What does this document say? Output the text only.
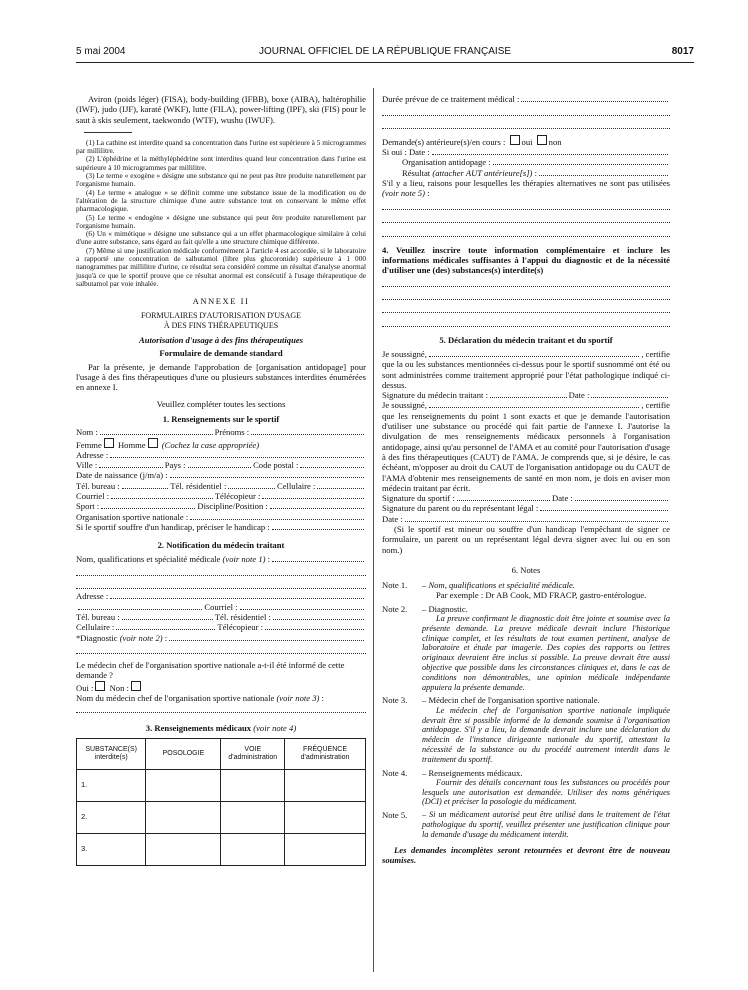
5 mai 2004	JOURNAL OFFICIEL DE LA RÉPUBLIQUE FRANÇAISE	8017

Aviron (poids léger) (FISA), body-building (IFBB), boxe (AIBA), haltérophilie (IWF), judo (IJF), karaté (WKF), lutte (FILA), power-lifting (IPF), ski (FIS) pour le saut à skis seulement, taekwondo (WTF), wushu (IWUF).

(1) La cathine est interdite quand sa concentration dans l'urine est supérieure à 5 microgrammes par millilitre.

(2) L'éphédrine et la méthyléphédrine sont interdites quand leur concentration dans l'urine est supérieure à 10 microgrammes par millilitre.

(3) Le terme « exogène » désigne une substance qui ne peut pas être produite naturellement par l'organisme humain.

(4) Le terme « analogue » se définit comme une substance issue de la modification ou de l'altération de la structure chimique d'une autre substance tout en conservant le même effet pharmacologique.

(5) Le terme « endogène » désigne une substance qui peut être produite naturellement par l'organisme humain.

(6) Un « mimétique » désigne une substance qui a un effet pharmacologique similaire à celui d'une autre substance, sans égard au fait qu'elle a une structure chimique différente.

(7) Même si une justification médicale conformément à l'article 4 est accordée, si le laboratoire a rapporté une concentration de salbutamol (libre plus glucoronide) supérieure à 1 000 nanogrammes par millilitre d'urine, ce résultat sera considéré comme un résultat d'analyse anormal jusqu'à ce que le sportif prouve que ce résultat anormal est consécutif à l'usage thérapeutique de salbutamol par voie inhalée.

ANNEXE II

FORMULAIRES D'AUTORISATION D'USAGE

À DES FINS THÉRAPEUTIQUES

Autorisation d'usage à des fins thérapeutiques

Formulaire de demande standard

Par la présente, je demande l'approbation de [organisation antidopage] pour l'usage à des fins thérapeutiques d'une ou plusieurs substances interdites énumérées en annexe I.

Veuillez compléter toutes les sections

1. Renseignements sur le sportif

Nom :	Prénoms :
Femme
Homme
(Cochez la case appropriée)
Adresse :
Ville :	Pays :	Code postal :
Date de naissance (j/m/a) :
Tél. bureau :	Tél. résidentiel :	Cellulaire :
Courriel :	Télécopieur :
Sport :	Discipline/Position :
Organisation sportive nationale :
Si le sportif souffre d'un handicap, préciser le handicap :

2. Notification du médecin traitant

Nom, qualifications et spécialité médicale
(voir note 1) :
Adresse :
Courriel :
Tél. bureau :	Tél. résidentiel :
Cellulaire :	Télécopieur :
*Diagnostic
(voir note 2) :

Le médecin chef de l'organisation sportive nationale a-t-il été informé de cette demande ?

Oui :
Non :

Nom du médecin chef de l'organisation sportive nationale (voir note 3) :

3. Renseignements médicaux (voir note 4)

SUBSTANCE(S) interdite(s)	POSOLOGIE	VOIE d'administration	FRÉQUENCE d'administration
1.			
2.			
3.			
Durée prévue de ce traitement médical :
Demande(s) antérieure(s)/en cours :
oui
non
Si oui : Date :
Organisation antidopage :
Résultat
(attacher AUT antérieure[s]) :

S'il y a lieu, raisons pour lesquelles les thérapies alternatives ne sont pas utilisées (voir note 5) :

4. Veuillez inscrire toute information complémentaire et inclure les informations médicales suffisantes à l'appui du diagnostic et de la nécessité d'utiliser une (des) substances(s) interdite(s)

5. Déclaration du médecin traitant et du sportif

Je soussigné,	, certifie

que la ou les substances mentionnées ci-dessus pour le sportif susnommé ont été ou sont administrées comme traitement approprié pour l'état pathologique indiqué ci-dessus.

Signature du médecin traitant :	Date :
Je soussigné,	, certifie

que les renseignements du point 1 sont exacts et que je demande l'autorisation d'utiliser une substance ou procédé qui fait partie de l'annexe I. J'autorise la divulgation de mes renseignements médicaux personnels à l'organisation antidopage, ainsi qu'au personnel de l'AMA et au comité pour l'autorisation d'usage à des fins thérapeutiques (CAUT) de l'AMA. Je comprends que, si je désire, le cas échéant, m'opposer au droit du CAUT de l'organisation antidopage ou du CAUT de l'AMA d'obtenir mes renseignements de santé en mon nom, je dois en aviser mon médecin traitant par écrit.

Signature du sportif :	Date :
Signature du parent ou du représentant légal :
Date :

(Si le sportif est mineur ou souffre d'un handicap l'empêchant de signer ce formulaire, un parent ou un représentant légal devra signer avec lui ou en son nom.)

6. Notes

Note 1.	– Nom, qualifications et spécialité médicale.

Par exemple : Dr AB Cook, MD FRACP, gastro-entérologue.

Note 2.	– Diagnostic.

La preuve confirmant le diagnostic doit être jointe et soumise avec la présente demande. La preuve médicale devrait inclure l'historique clinique complet, et les résultats de tout examen pertinent, analyse de laboratoire et étude par imagerie. Des copies des rapports ou lettres originaux devraient être inclus si possible. La preuve devrait être aussi objective que possible dans les circonstances cliniques et, dans le cas de conditions non démontrables, une opinion médicale indépendante appuiera la présente demande.

Note 3.	– Médecin chef de l'organisation sportive nationale.

Le médecin chef de l'organisation sportive nationale impliquée devrait être si possible informé de la demande soumise à l'organisation antidopage. S'il y a lieu, la demande devrait inclure une déclaration du médecin de l'instance dirigeante nationale du sportif, attestant la nécessité de la substance ou du procédé autrement interdit dans le traitement du sportif.

Note 4.	– Renseignements médicaux.

Fournir des détails concernant tous les substances ou procédés pour lesquels une autorisation est demandée. Utiliser des noms génériques (DCI) et préciser la posologie du médicament.

Note 5.	– Si un médicament autorisé peut être utilisé dans le traitement de l'état pathologique du sportif, veuillez présenter une justification clinique pour la demande d'usage du médicament interdit.

Les demandes incomplètes seront retournées et devront être de nouveau soumises.
